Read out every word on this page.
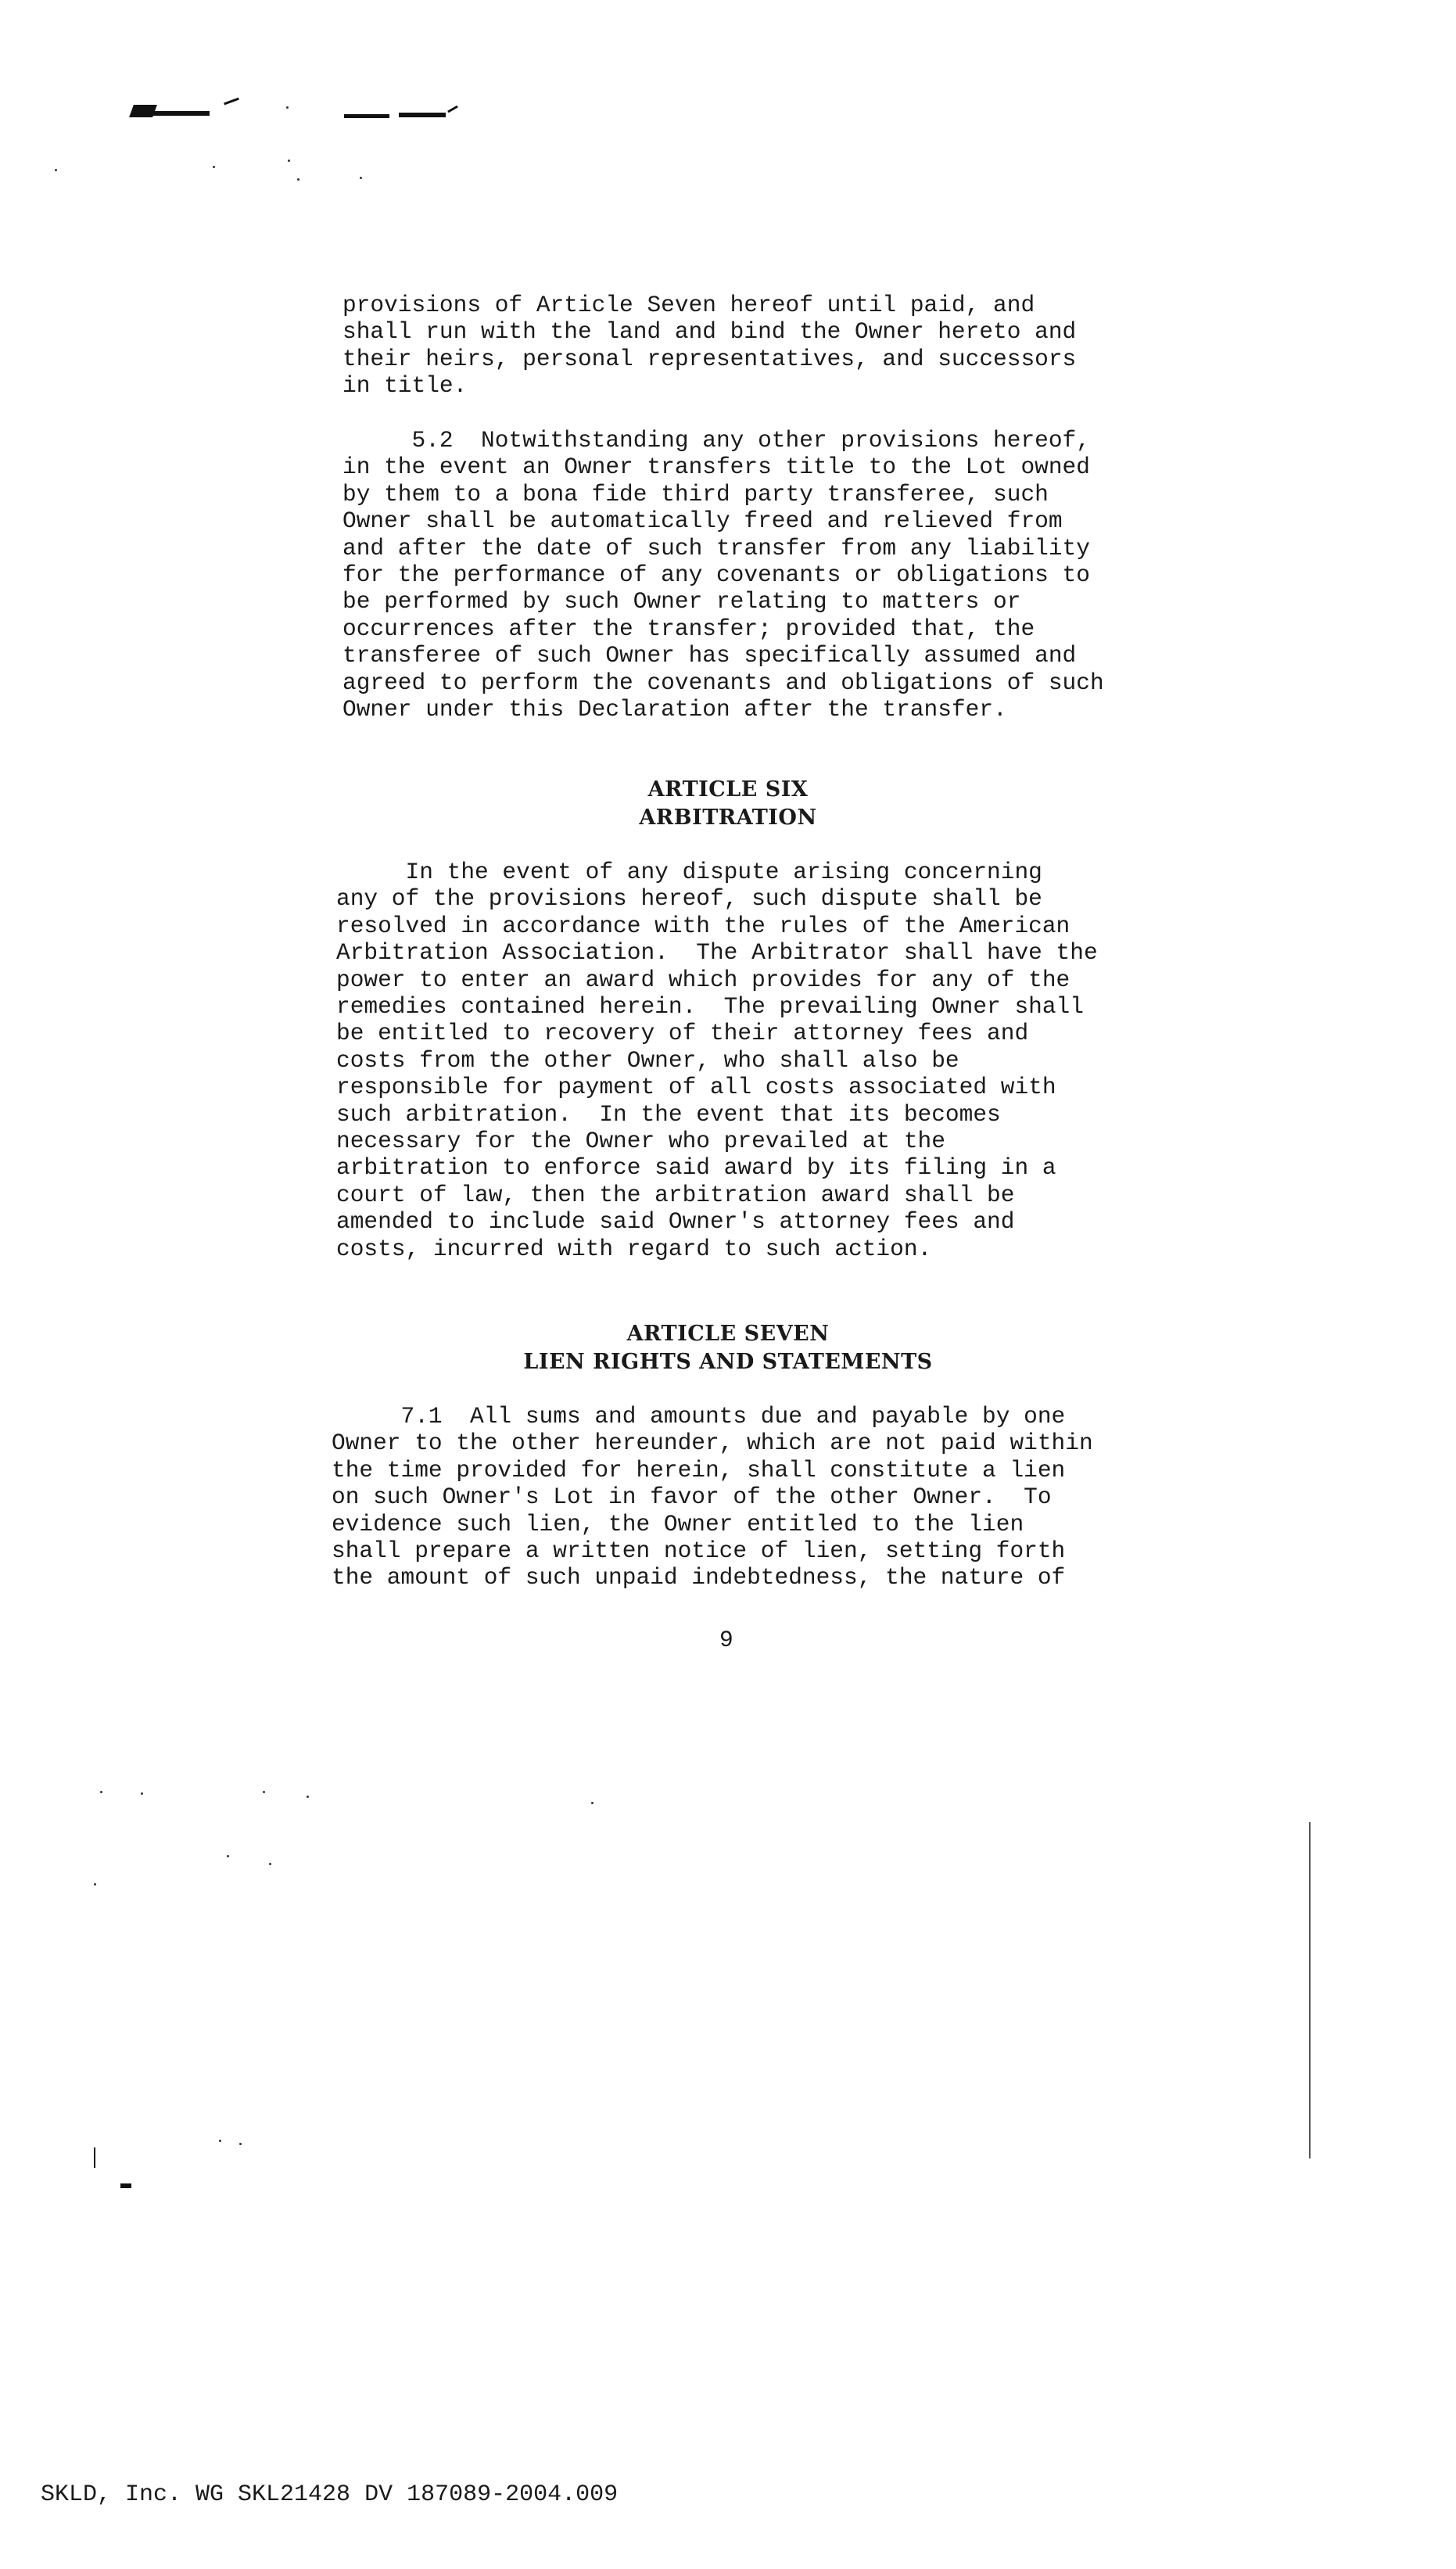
provisions of Article Seven hereof until paid, and
shall run with the land and bind the Owner hereto and
their heirs, personal representatives, and successors
in title.

5.2  Notwithstanding any other provisions hereof,
in the event an Owner transfers title to the Lot owned
by them to a bona fide third party transferee, such
Owner shall be automatically freed and relieved from
and after the date of such transfer from any liability
for the performance of any covenants or obligations to
be performed by such Owner relating to matters or
occurrences after the transfer; provided that, the
transferee of such Owner has specifically assumed and
agreed to perform the covenants and obligations of such
Owner under this Declaration after the transfer.

ARTICLE SIX
ARBITRATION

In the event of any dispute arising concerning
any of the provisions hereof, such dispute shall be
resolved in accordance with the rules of the American
Arbitration Association.  The Arbitrator shall have the
power to enter an award which provides for any of the
remedies contained herein.  The prevailing Owner shall
be entitled to recovery of their attorney fees and
costs from the other Owner, who shall also be
responsible for payment of all costs associated with
such arbitration.  In the event that its becomes
necessary for the Owner who prevailed at the
arbitration to enforce said award by its filing in a
court of law, then the arbitration award shall be
amended to include said Owner's attorney fees and
costs, incurred with regard to such action.

ARTICLE SEVEN
LIEN RIGHTS AND STATEMENTS

7.1  All sums and amounts due and payable by one
Owner to the other hereunder, which are not paid within
the time provided for herein, shall constitute a lien
on such Owner's Lot in favor of the other Owner.  To
evidence such lien, the Owner entitled to the lien
shall prepare a written notice of lien, setting forth
the amount of such unpaid indebtedness, the nature of

9

SKLD, Inc. WG SKL21428 DV 187089-2004.009
